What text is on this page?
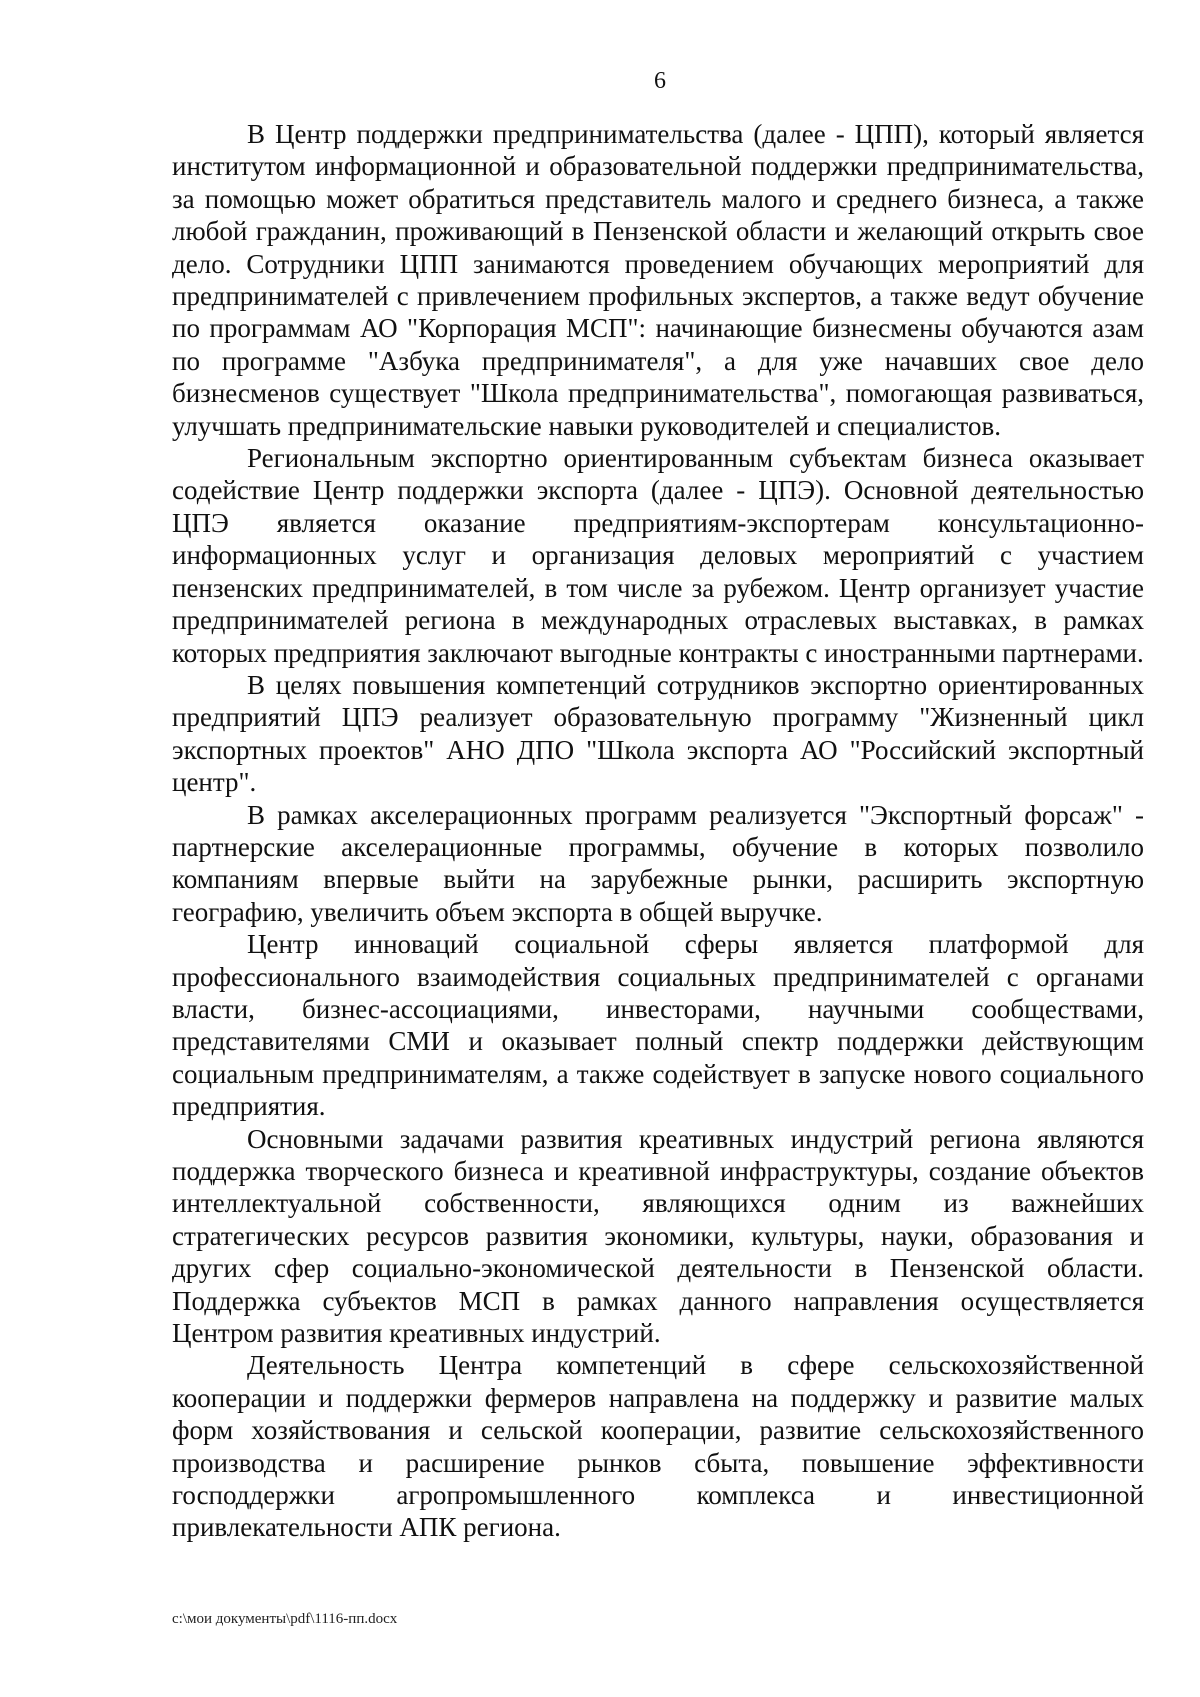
6

В Центр поддержки предпринимательства (далее - ЦПП), который является институтом информационной и образовательной поддержки предпринимательства, за помощью может обратиться представитель малого и среднего бизнеса, а также любой гражданин, проживающий в Пензенской области и желающий открыть свое дело. Сотрудники ЦПП занимаются проведением обучающих мероприятий для предпринимателей с привлечением профильных экспертов, а также ведут обучение по программам АО "Корпорация МСП": начинающие бизнесмены обучаются азам по программе "Азбука предпринимателя", а для уже начавших свое дело бизнесменов существует "Школа предпринимательства", помогающая развиваться, улучшать предпринимательские навыки руководителей и специалистов.

Региональным экспортно ориентированным субъектам бизнеса оказывает содействие Центр поддержки экспорта (далее - ЦПЭ). Основной деятельностью ЦПЭ является оказание предприятиям-экспортерам консультационно-информационных услуг и организация деловых мероприятий с участием пензенских предпринимателей, в том числе за рубежом. Центр организует участие предпринимателей региона в международных отраслевых выставках, в рамках которых предприятия заключают выгодные контракты с иностранными партнерами.

В целях повышения компетенций сотрудников экспортно ориентированных предприятий ЦПЭ реализует образовательную программу "Жизненный цикл экспортных проектов" АНО ДПО "Школа экспорта АО "Российский экспортный центр".

В рамках акселерационных программ реализуется "Экспортный форсаж" - партнерские акселерационные программы, обучение в которых позволило компаниям впервые выйти на зарубежные рынки, расширить экспортную географию, увеличить объем экспорта в общей выручке.

Центр инноваций социальной сферы является платформой для профессионального взаимодействия социальных предпринимателей с органами власти, бизнес-ассоциациями, инвесторами, научными сообществами, представителями СМИ и оказывает полный спектр поддержки действующим социальным предпринимателям, а также содействует в запуске нового социального предприятия.

Основными задачами развития креативных индустрий региона являются поддержка творческого бизнеса и креативной инфраструктуры, создание объектов интеллектуальной собственности, являющихся одним из важнейших стратегических ресурсов развития экономики, культуры, науки, образования и других сфер социально-экономической деятельности в Пензенской области. Поддержка субъектов МСП в рамках данного направления осуществляется Центром развития креативных индустрий.

Деятельность Центра компетенций в сфере сельскохозяйственной кооперации и поддержки фермеров направлена на поддержку и развитие малых форм хозяйствования и сельской кооперации, развитие сельскохозяйственного производства и расширение рынков сбыта, повышение эффективности господдержки агропромышленного комплекса и инвестиционной привлекательности АПК региона.

c:\мои документы\pdf\1116-пп.docx
